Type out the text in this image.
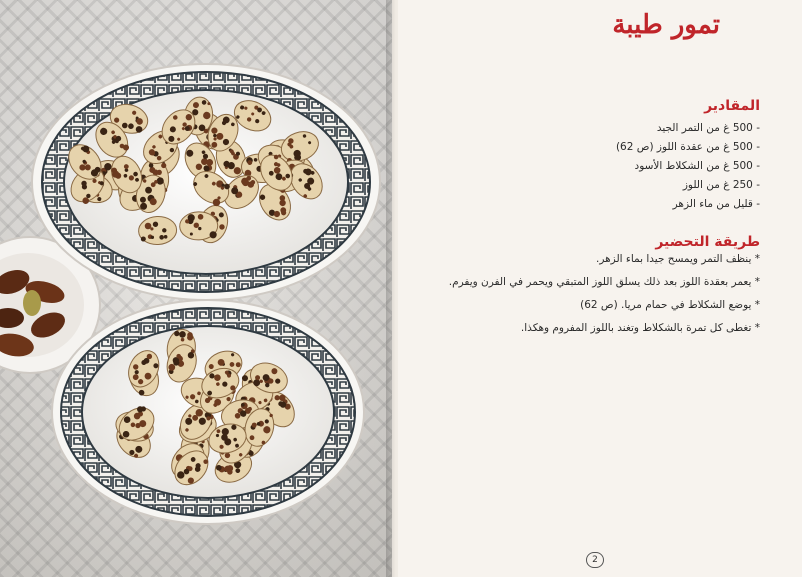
تمور طيبة
المقادير
- 500 غ من التمر الجيد
- 500 غ من عقدة اللوز (ص 62)
- 500 غ من الشكلاط الأسود
- 250 غ من اللوز
- قليل من ماء الزهر
طريقة التحضير
* ينظف التمر ويمسح جيدا بماء الزهر.
* يعمر بعقدة اللوز بعد ذلك يسلق اللوز المتبقي ويحمر في الفرن ويفرم.
* يوضع الشكلاط في حمام مريا. (ص 62)
* تغطى كل تمرة بالشكلاط وتغند باللوز المفروم وهكذا.
2
